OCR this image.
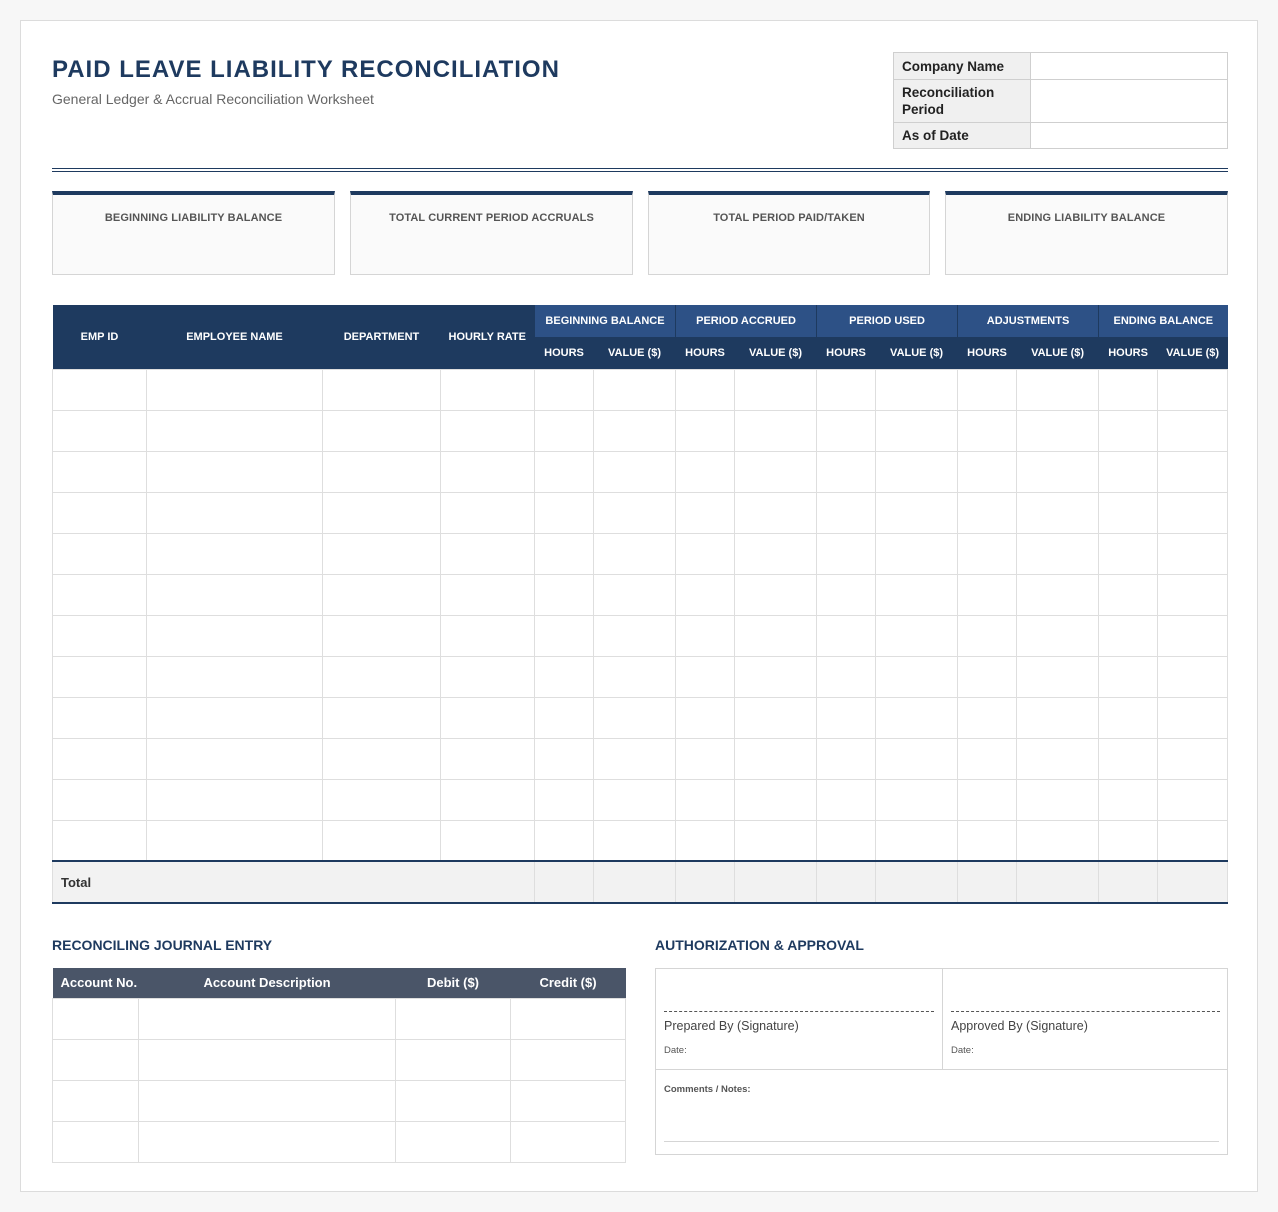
PAID LEAVE LIABILITY RECONCILIATION

General Ledger & Accrual Reconciliation Worksheet

Company Name	
Reconciliation Period	
As of Date	
BEGINNING LIABILITY BALANCE	TOTAL CURRENT PERIOD ACCRUALS	TOTAL PERIOD PAID/TAKEN	ENDING LIABILITY BALANCE
EMP ID	EMPLOYEE NAME	DEPARTMENT	HOURLY RATE	BEGINNING BALANCE		PERIOD ACCRUED		PERIOD USED		ADJUSTMENTS		ENDING BALANCE	
				HOURS	VALUE ($)	HOURS	VALUE ($)	HOURS	VALUE ($)	HOURS	VALUE ($)	HOURS	VALUE ($)

Total													
RECONCILING JOURNAL ENTRY	AUTHORIZATION & APPROVAL
Account No.	Account Description	Debit ($)	Credit ($)

Prepared By (Signature)
Date:
Approved By (Signature)
Date:
Comments / Notes:
